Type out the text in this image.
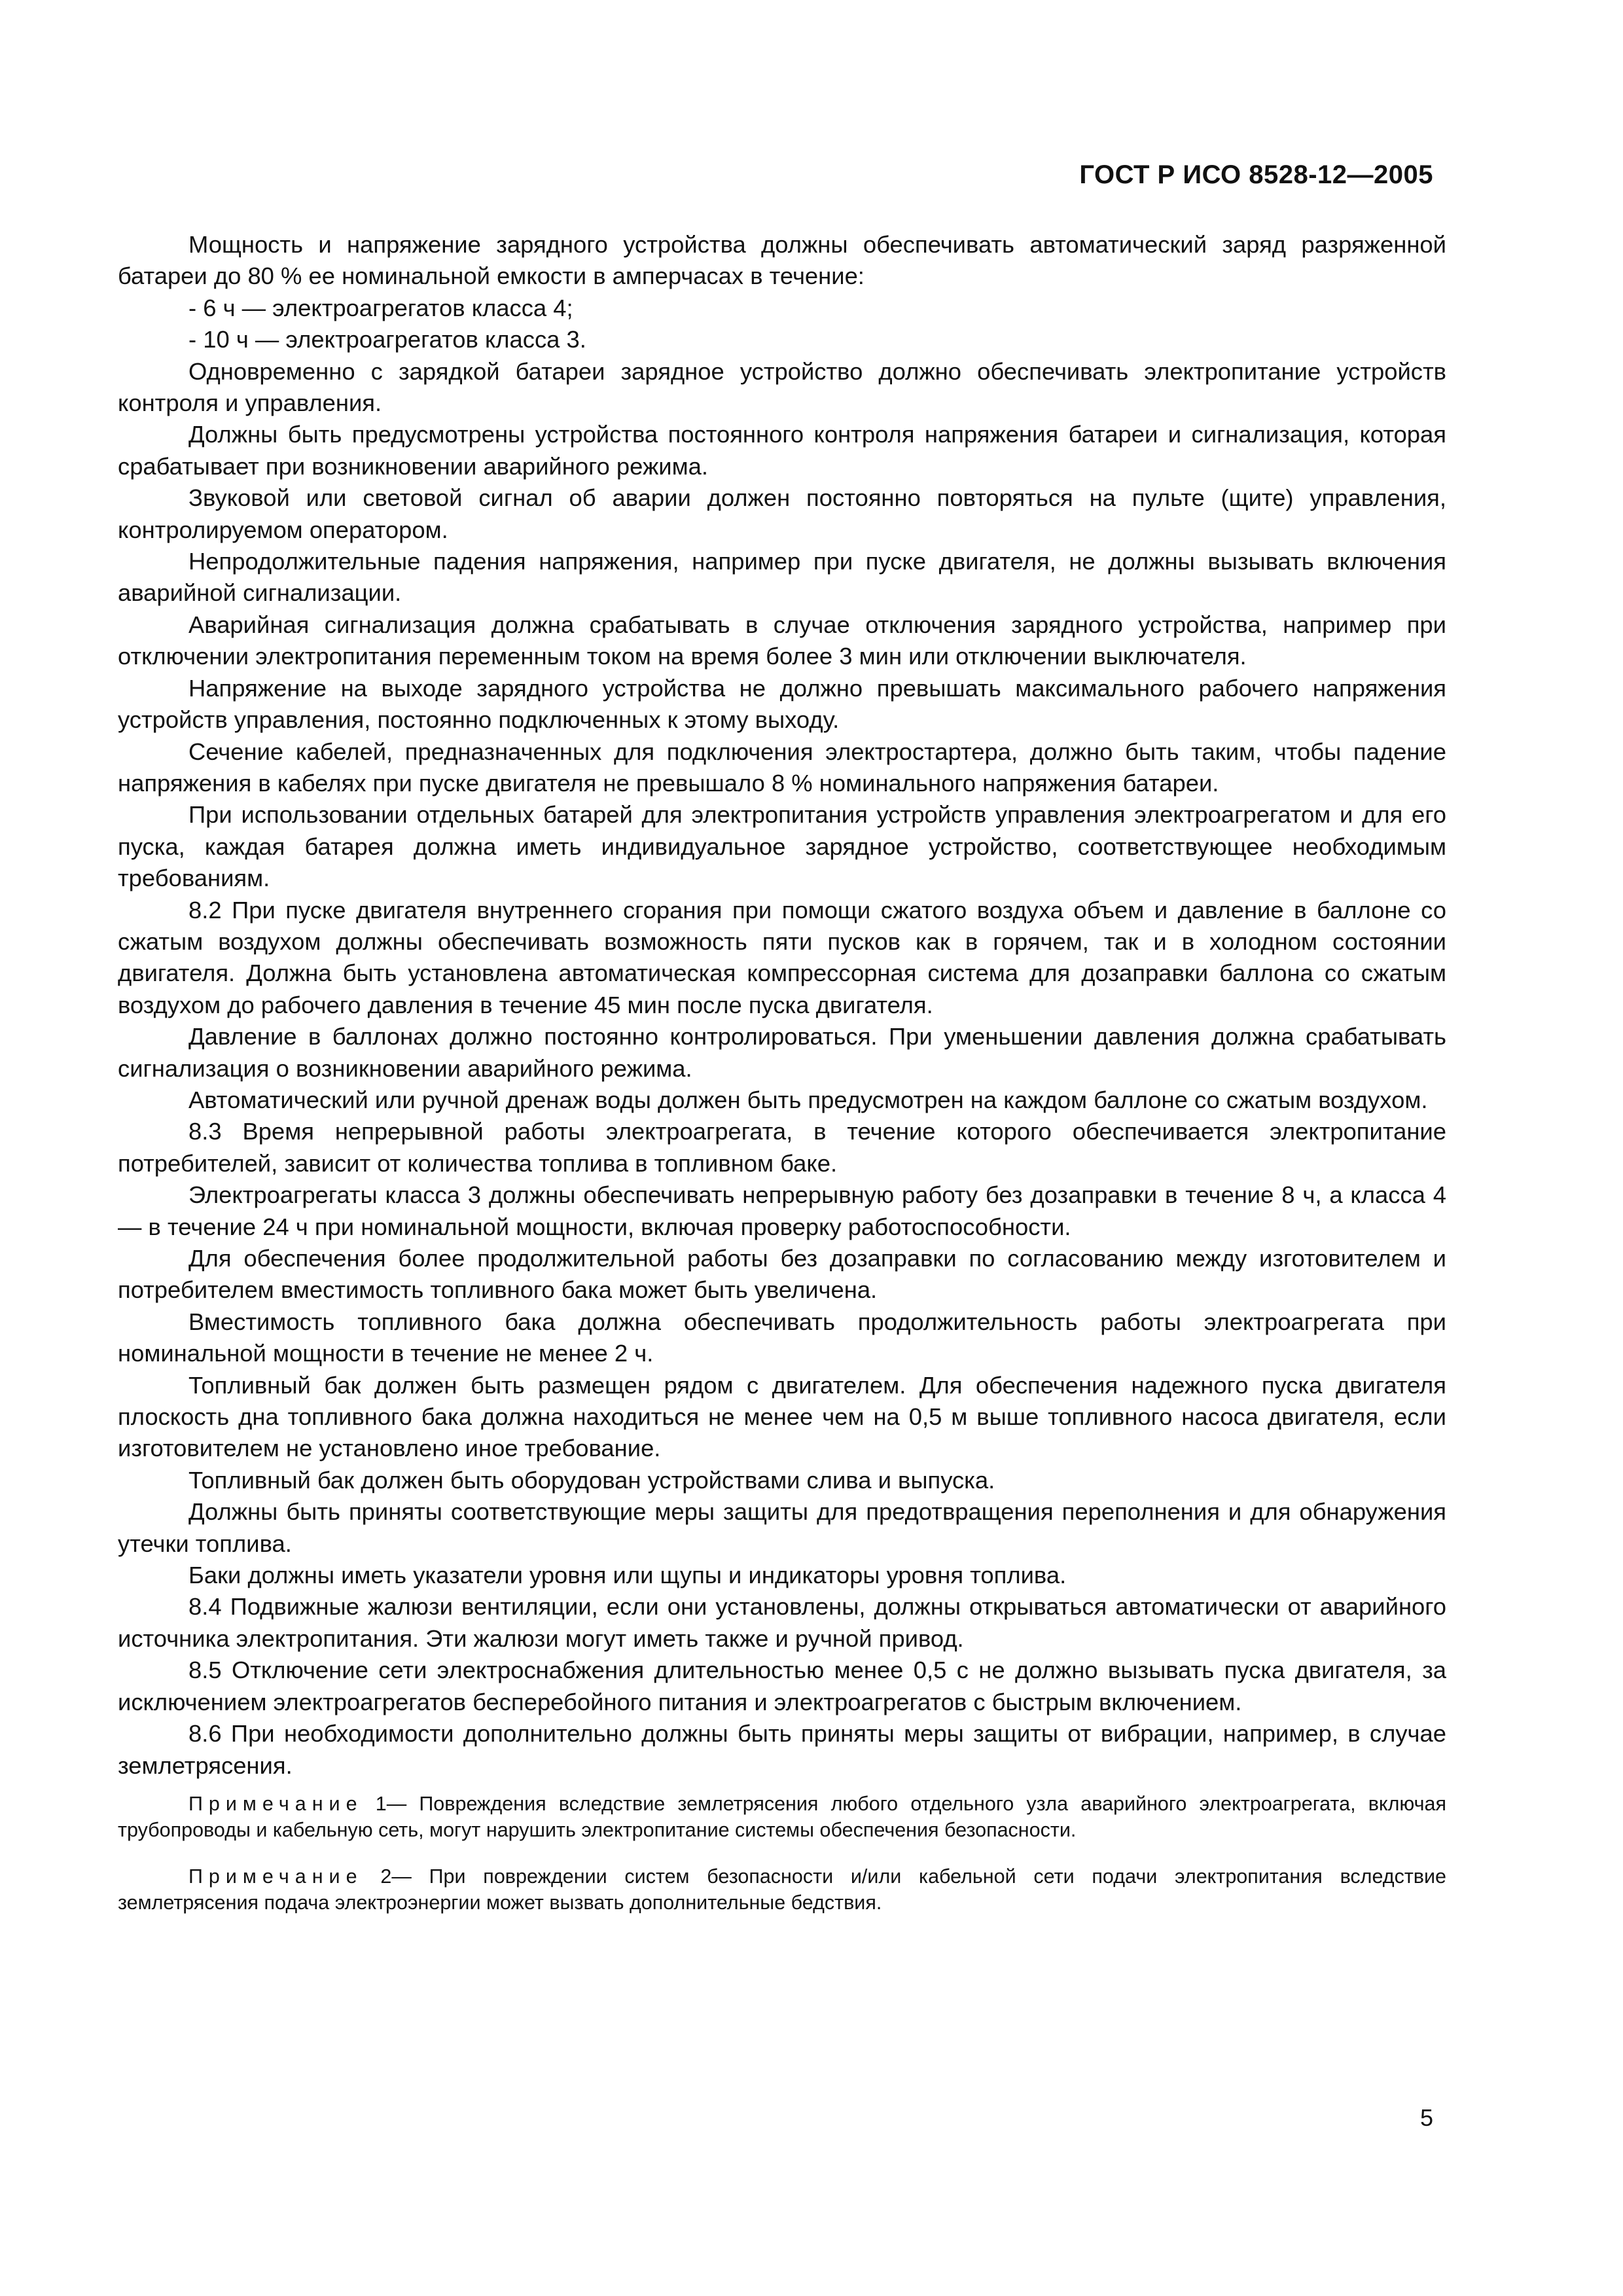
ГОСТ Р ИСО 8528-12—2005

Мощность и напряжение зарядного устройства должны обеспечивать автоматический заряд разряженной батареи до 80 % ее номинальной емкости в амперчасах в течение:

- 6 ч — электроагрегатов класса 4;

- 10 ч — электроагрегатов класса 3.

Одновременно с зарядкой батареи зарядное устройство должно обеспечивать электропитание устройств контроля и управления.

Должны быть предусмотрены устройства постоянного контроля напряжения батареи и сигнализация, которая срабатывает при возникновении аварийного режима.

Звуковой или световой сигнал об аварии должен постоянно повторяться на пульте (щите) управления, контролируемом оператором.

Непродолжительные падения напряжения, например при пуске двигателя, не должны вызывать включения аварийной сигнализации.

Аварийная сигнализация должна срабатывать в случае отключения зарядного устройства, например при отключении электропитания переменным током на время более 3 мин или отключении выключателя.

Напряжение на выходе зарядного устройства не должно превышать максимального рабочего напряжения устройств управления, постоянно подключенных к этому выходу.

Сечение кабелей, предназначенных для подключения электростартера, должно быть таким, чтобы падение напряжения в кабелях при пуске двигателя не превышало 8 % номинального напряжения батареи.

При использовании отдельных батарей для электропитания устройств управления электроагрегатом и для его пуска, каждая батарея должна иметь индивидуальное зарядное устройство, соответствующее необходимым требованиям.

8.2 При пуске двигателя внутреннего сгорания при помощи сжатого воздуха объем и давление в баллоне со сжатым воздухом должны обеспечивать возможность пяти пусков как в горячем, так и в холодном состоянии двигателя. Должна быть установлена автоматическая компрессорная система для дозаправки баллона со сжатым воздухом до рабочего давления в течение 45 мин после пуска двигателя.

Давление в баллонах должно постоянно контролироваться. При уменьшении давления должна срабатывать сигнализация о возникновении аварийного режима.

Автоматический или ручной дренаж воды должен быть предусмотрен на каждом баллоне со сжатым воздухом.

8.3 Время непрерывной работы электроагрегата, в течение которого обеспечивается электропитание потребителей, зависит от количества топлива в топливном баке.

Электроагрегаты класса 3 должны обеспечивать непрерывную работу без дозаправки в течение 8 ч, а класса 4 — в течение 24 ч при номинальной мощности, включая проверку работоспособности.

Для обеспечения более продолжительной работы без дозаправки по согласованию между изготовителем и потребителем вместимость топливного бака может быть увеличена.

Вместимость топливного бака должна обеспечивать продолжительность работы электроагрегата при номинальной мощности в течение не менее 2 ч.

Топливный бак должен быть размещен рядом с двигателем. Для обеспечения надежного пуска двигателя плоскость дна топливного бака должна находиться не менее чем на 0,5 м выше топливного насоса двигателя, если изготовителем не установлено иное требование.

Топливный бак должен быть оборудован устройствами слива и выпуска.

Должны быть приняты соответствующие меры защиты для предотвращения переполнения и для обнаружения утечки топлива.

Баки должны иметь указатели уровня или щупы и индикаторы уровня топлива.

8.4 Подвижные жалюзи вентиляции, если они установлены, должны открываться автоматически от аварийного источника электропитания. Эти жалюзи могут иметь также и ручной привод.

8.5 Отключение сети электроснабжения длительностью менее 0,5 с не должно вызывать пуска двигателя, за исключением электроагрегатов бесперебойного питания и электроагрегатов с быстрым включением.

8.6 При необходимости дополнительно должны быть приняты меры защиты от вибрации, например, в случае землетрясения.

Примечание 1— Повреждения вследствие землетрясения любого отдельного узла аварийного электроагрегата, включая трубопроводы и кабельную сеть, могут нарушить электропитание системы обеспечения безопасности.

Примечание 2— При повреждении систем безопасности и/или кабельной сети подачи электропитания вследствие землетрясения подача электроэнергии может вызвать дополнительные бедствия.

5
